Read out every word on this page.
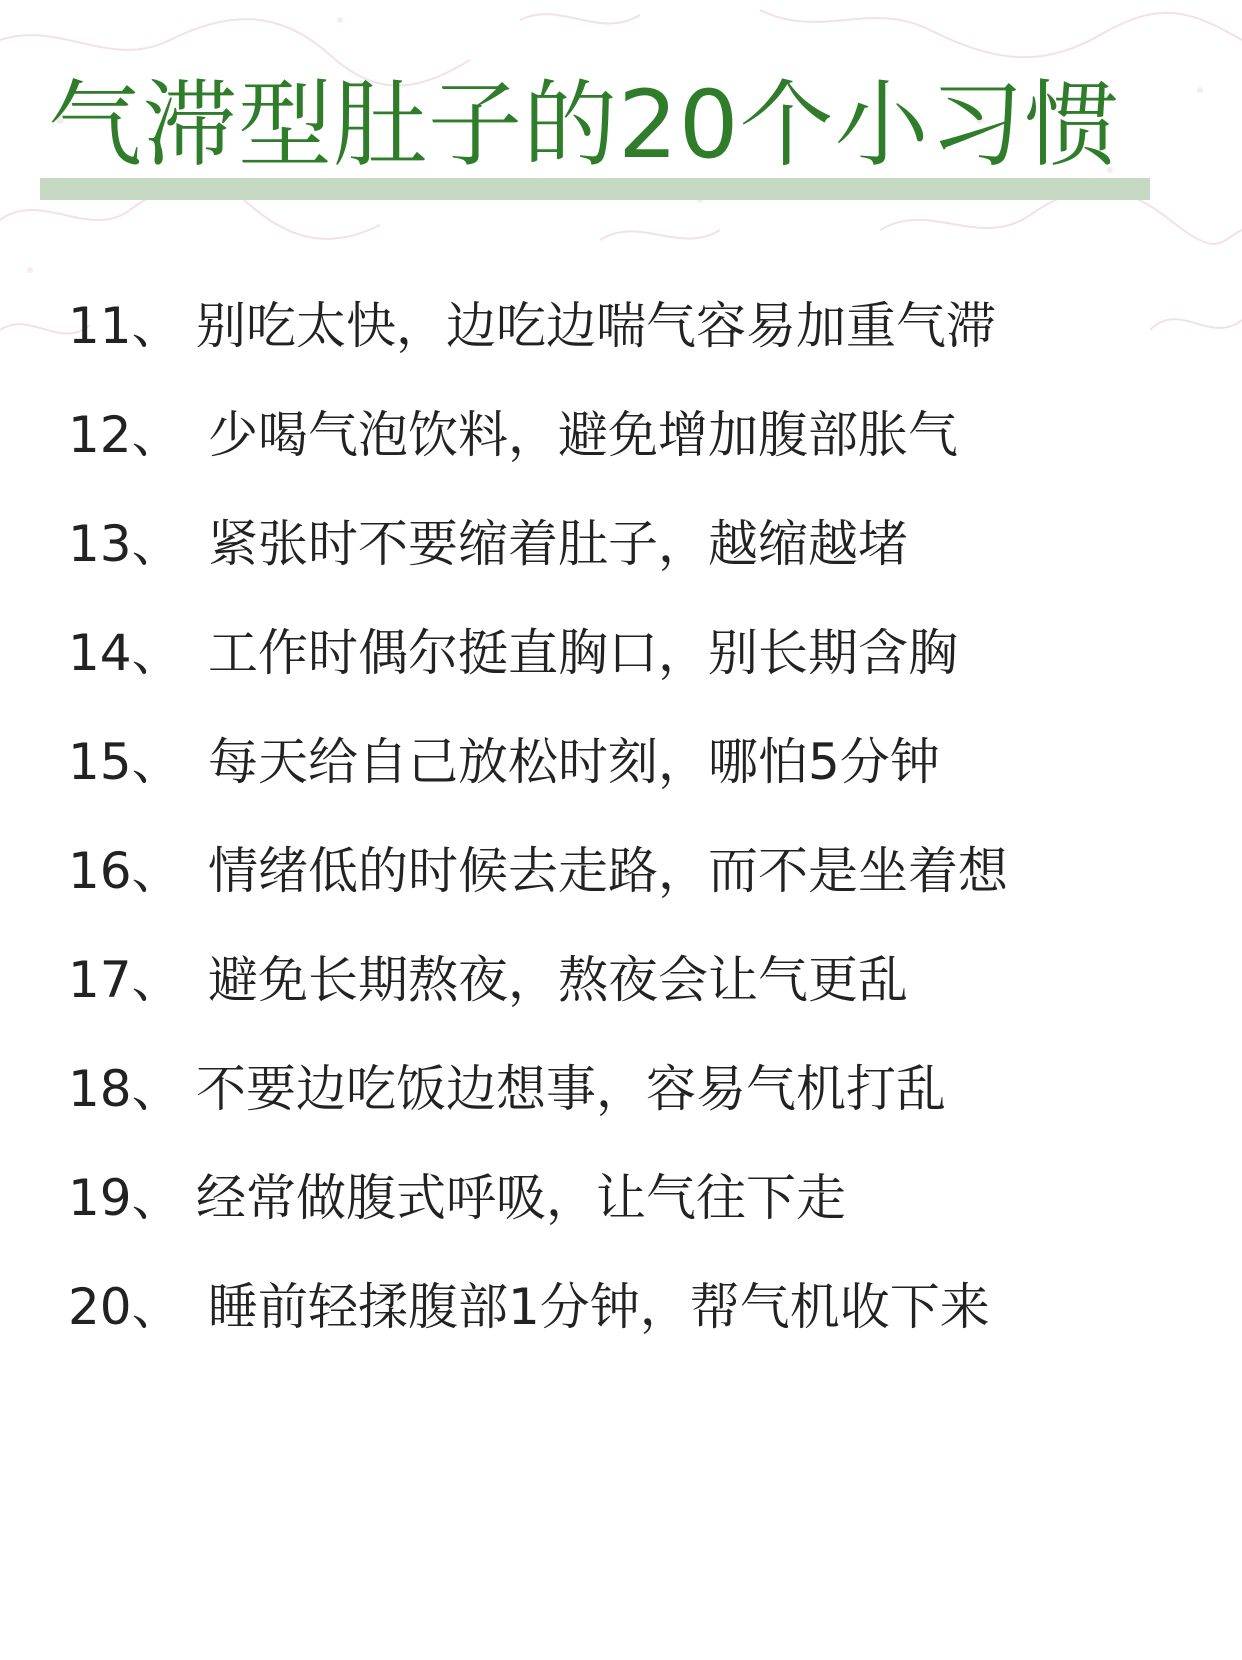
气滞型肚子的20个小习惯
11、 别吃太快，边吃边喘气容易加重气滞
12、 少喝气泡饮料，避免增加腹部胀气
13、 紧张时不要缩着肚子，越缩越堵
14、 工作时偶尔挺直胸口，别长期含胸
15、 每天给自己放松时刻，哪怕5分钟
16、 情绪低的时候去走路，而不是坐着想
17、 避免长期熬夜，熬夜会让气更乱
18、 不要边吃饭边想事，容易气机打乱
19、 经常做腹式呼吸，让气往下走
20、 睡前轻揉腹部1分钟，帮气机收下来
